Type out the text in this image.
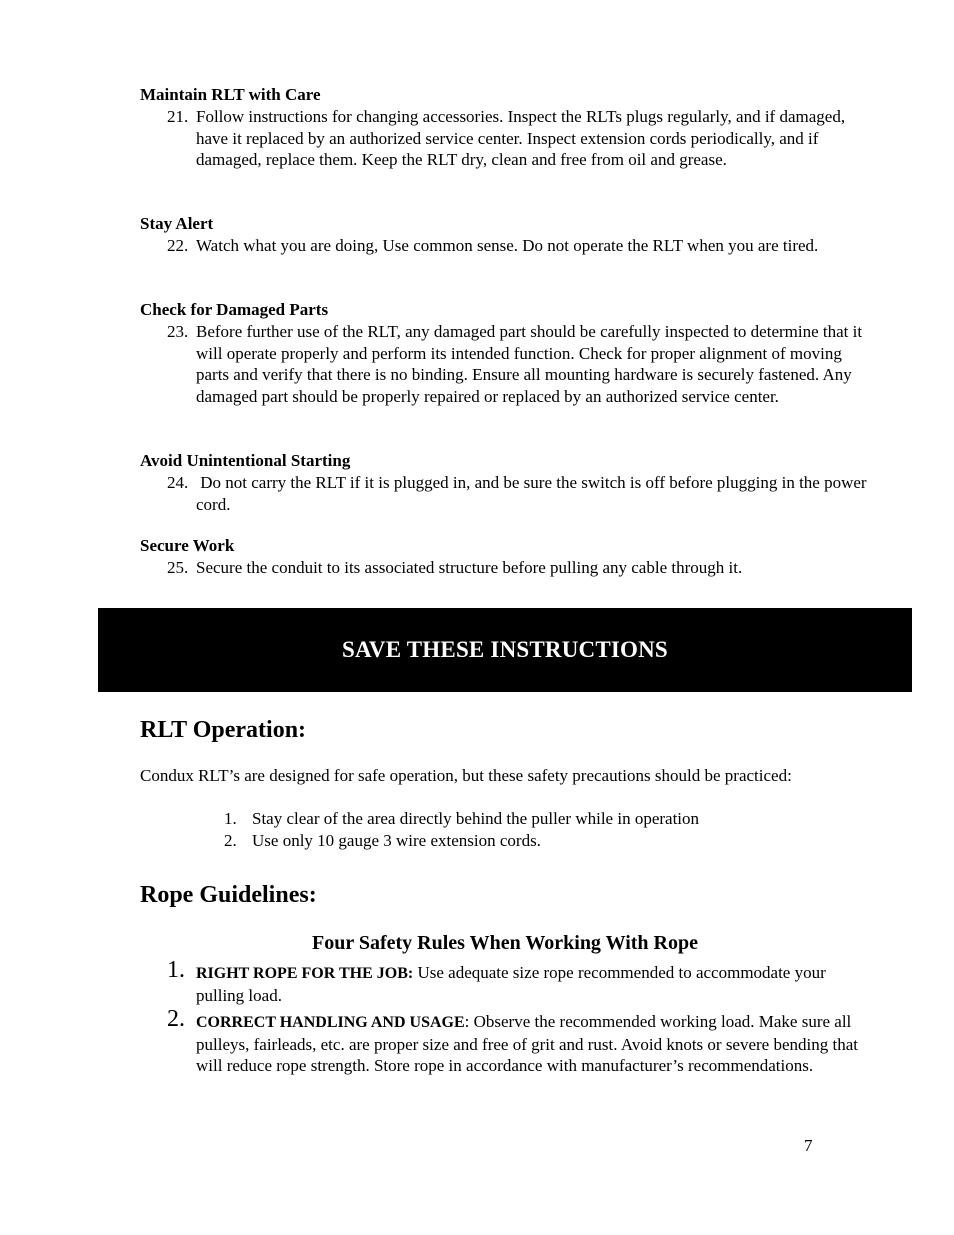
Maintain RLT with Care

21. Follow instructions for changing accessories. Inspect the RLTs plugs regularly, and if damaged, have it replaced by an authorized service center. Inspect extension cords periodically, and if damaged, replace them. Keep the RLT dry, clean and free from oil and grease.

Stay Alert

22. Watch what you are doing, Use common sense. Do not operate the RLT when you are tired.

Check for Damaged Parts

23. Before further use of the RLT, any damaged part should be carefully inspected to determine that it will operate properly and perform its intended function. Check for proper alignment of moving parts and verify that there is no binding. Ensure all mounting hardware is securely fastened. Any damaged part should be properly repaired or replaced by an authorized service center.

Avoid Unintentional Starting

24. Do not carry the RLT if it is plugged in, and be sure the switch is off before plugging in the power cord.

Secure Work

25. Secure the conduit to its associated structure before pulling any cable through it.

SAVE THESE INSTRUCTIONS
RLT Operation:

Condux RLT’s are designed for safe operation, but these safety precautions should be practiced:

1. Stay clear of the area directly behind the puller while in operation

2. Use only 10 gauge 3 wire extension cords.

Rope Guidelines:
Four Safety Rules When Working With Rope

1. RIGHT ROPE FOR THE JOB: Use adequate size rope recommended to accommodate your pulling load.

2. CORRECT HANDLING AND USAGE: Observe the recommended working load. Make sure all pulleys, fairleads, etc. are proper size and free of grit and rust. Avoid knots or severe bending that will reduce rope strength. Store rope in accordance with manufacturer’s recommendations.

7
